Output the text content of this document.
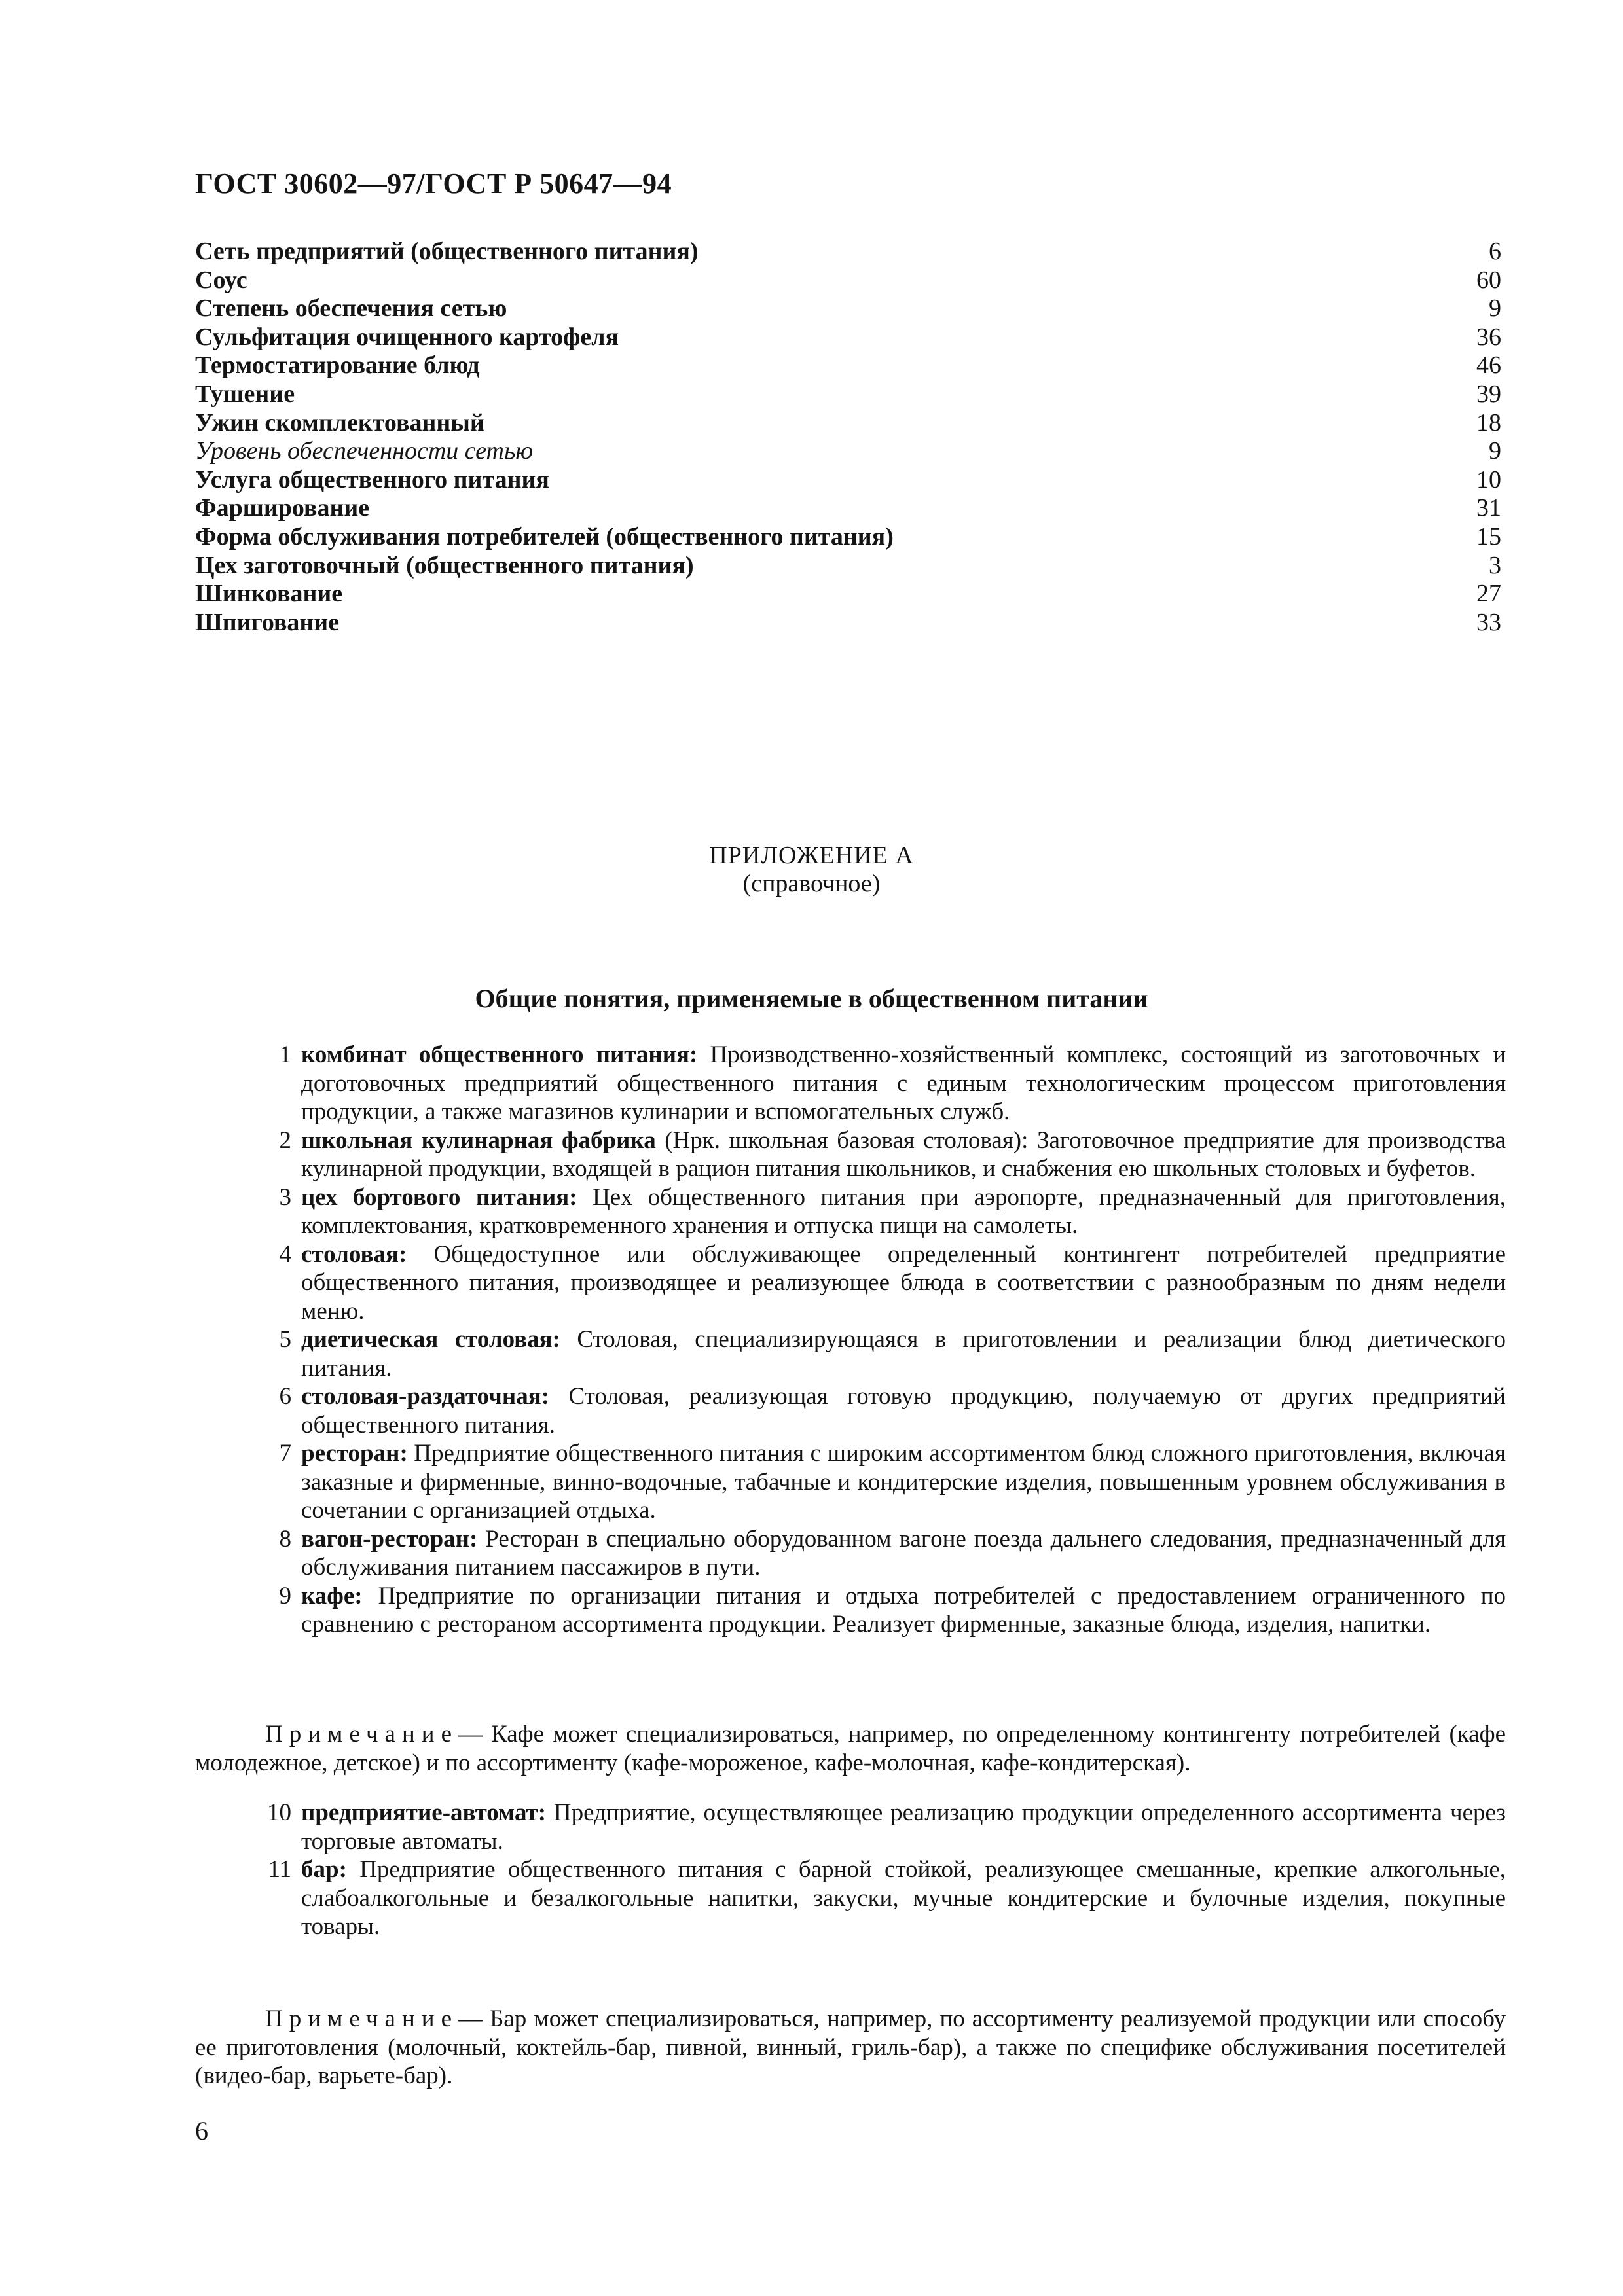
ГОСТ 30602—97/ГОСТ Р 50647—94
Сеть предприятий (общественного питания)	6
Соус	60
Степень обеспечения сетью	9
Сульфитация очищенного картофеля	36
Термостатирование блюд	46
Тушение	39
Ужин скомплектованный	18
Уровень обеспеченности сетью	9
Услуга общественного питания	10
Фарширование	31
Форма обслуживания потребителей (общественного питания)	15
Цех заготовочный (общественного питания)	3
Шинкование	27
Шпигование	33
ПРИЛОЖЕНИЕ А
(справочное)
Общие понятия, применяемые в общественном питании
1 комбинат общественного питания: Производственно-хозяйственный комплекс, состоящий из заготовочных и доготовочных предприятий общественного питания с единым технологическим процессом приготовления продукции, а также магазинов кулинарии и вспомогательных служб.
2 школьная кулинарная фабрика (Нрк. школьная базовая столовая): Заготовочное предприятие для производства кулинарной продукции, входящей в рацион питания школьников, и снабжения ею школьных столовых и буфетов.
3 цех бортового питания: Цех общественного питания при аэропорте, предназначенный для приготовления, комплектования, кратковременного хранения и отпуска пищи на самолеты.
4 столовая: Общедоступное или обслуживающее определенный контингент потребителей предприятие общественного питания, производящее и реализующее блюда в соответствии с разнообразным по дням недели меню.
5 диетическая столовая: Столовая, специализирующаяся в приготовлении и реализации блюд диетического питания.
6 столовая-раздаточная: Столовая, реализующая готовую продукцию, получаемую от других предприятий общественного питания.
7 ресторан: Предприятие общественного питания с широким ассортиментом блюд сложного приготовления, включая заказные и фирменные, винно-водочные, табачные и кондитерские изделия, повышенным уровнем обслуживания в сочетании с организацией отдыха.
8 вагон-ресторан: Ресторан в специально оборудованном вагоне поезда дальнего следования, предназначенный для обслуживания питанием пассажиров в пути.
9 кафе: Предприятие по организации питания и отдыха потребителей с предоставлением ограниченного по сравнению с рестораном ассортимента продукции. Реализует фирменные, заказные блюда, изделия, напитки.
Примечание— Кафе может специализироваться, например, по определенному контингенту потребителей (кафе молодежное, детское) и по ассортименту (кафе-мороженое, кафе-молочная, кафе-кондитерская).
10 предприятие-автомат: Предприятие, осуществляющее реализацию продукции определенного ассортимента через торговые автоматы.
11 бар: Предприятие общественного питания с барной стойкой, реализующее смешанные, крепкие алкогольные, слабоалкогольные и безалкогольные напитки, закуски, мучные кондитерские и булочные изделия, покупные товары.
Примечание— Бар может специализироваться, например, по ассортименту реализуемой продукции или способу ее приготовления (молочный, коктейль-бар, пивной, винный, гриль-бар), а также по специфике обслуживания посетителей (видео-бар, варьете-бар).
6
